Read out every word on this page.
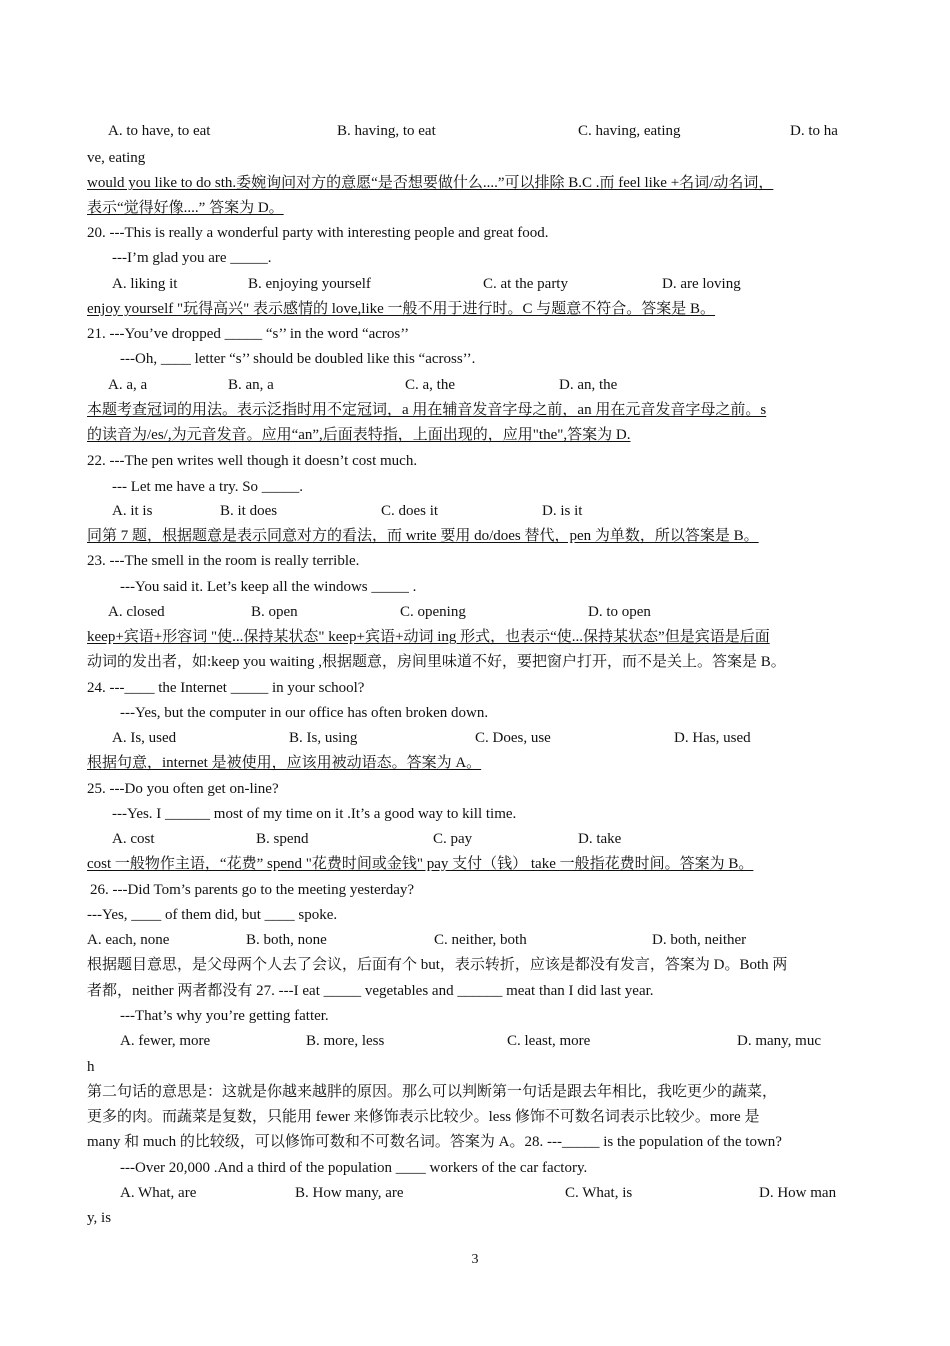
A. to have, to eat	B. having, to eat	C. having, eating	D. to ha
ve, eating
would you like to do sth.委婉询问对方的意愿“是否想要做什么....”可以排除 B.C .而 feel like +名词/动名词，
表示“觉得好像....” 答案为 D。
20. ---This is really a wonderful party with interesting people and great food.
---I’m glad you are _____.
A. liking it	B. enjoying yourself	C. at the party	D. are loving
enjoy yourself "玩得高兴" 表示感情的 love,like 一般不用于进行时。C 与题意不符合。答案是 B。
21. ---You’ve dropped _____ “s’’ in the word “acros’’
---Oh, ____ letter “s’’ should be doubled like this “across’’.
A. a, a	B. an, a	C. a, the	D. an, the
本题考查冠词的用法。表示泛指时用不定冠词，a 用在辅音发音字母之前，an 用在元音发音字母之前。s
的读音为/es/,为元音发音。应用“an”,后面表特指，上面出现的，应用"the",答案为 D.
22. ---The pen writes well though it doesn’t cost much.
--- Let me have a try. So _____.
A. it is	B. it does	C. does it	D. is it
同第 7 题，根据题意是表示同意对方的看法，而 write 要用 do/does 替代，pen 为单数，所以答案是 B。
23. ---The smell in the room is really terrible.
---You said it. Let’s keep all the windows _____ .
A. closed	B. open	C. opening	D. to open
keep+宾语+形容词 "使...保持某状态" keep+宾语+动词 ing 形式，也表示“使...保持某状态”但是宾语是后面
动词的发出者，如:keep you waiting ,根据题意，房间里味道不好，要把窗户打开，而不是关上。答案是 B。
24. ---____ the Internet _____ in your school?
---Yes, but the computer in our office has often broken down.
A. Is, used	B. Is, using	C. Does, use	D. Has, used
根据句意，internet 是被使用，应该用被动语态。答案为 A。
25. ---Do you often get on-line?
---Yes. I ______ most of my time on it .It’s a good way to kill time.
A. cost	B. spend	C. pay	D. take
cost 一般物作主语，“花费” spend "花费时间或金钱" pay 支付（钱） take 一般指花费时间。答案为 B。
26. ---Did Tom’s parents go to the meeting yesterday?
---Yes, ____ of them did, but ____ spoke.
A. each, none	B. both, none	C. neither, both	D. both, neither
根据题目意思，是父母两个人去了会议，后面有个 but，表示转折，应该是都没有发言，答案为 D。Both 两
者都，neither 两者都没有 27. ---I eat _____ vegetables and ______ meat than I did last year.
---That’s why you’re getting fatter.
A. fewer, more	B. more, less	C. least, more	D. many, muc
h
第二句话的意思是：这就是你越来越胖的原因。那么可以判断第一句话是跟去年相比，我吃更少的蔬菜，
更多的肉。而蔬菜是复数，只能用 fewer 来修饰表示比较少。less 修饰不可数名词表示比较少。more 是
many 和 much 的比较级，可以修饰可数和不可数名词。答案为 A。28. ---_____ is the population of the town?
---Over 20,000 .And a third of the population ____ workers of the car factory.
A. What, are	B. How many, are	C. What, is	D. How man
y, is
3
